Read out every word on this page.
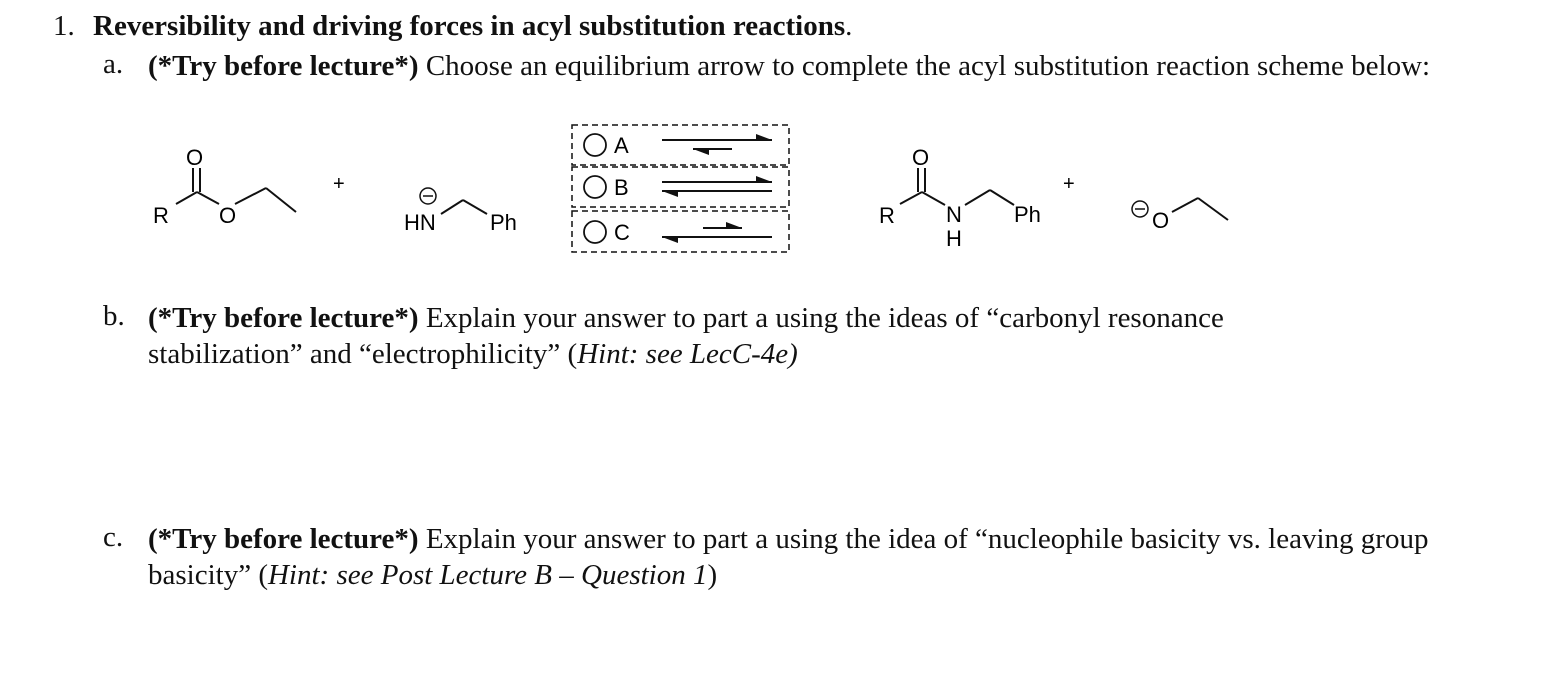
1. Reversibility and driving forces in acyl substitution reactions.
a. (*Try before lecture*) Choose an equilibrium arrow to complete the acyl substitution reaction scheme below:
R
O
O
+
HN Ph
A
B
C
R
O
N
H
Ph
+
O
b. (*Try before lecture*) Explain your answer to part a using the ideas of “carbonyl resonance stabilization” and “electrophilicity” (Hint: see LecC-4e)
c. (*Try before lecture*) Explain your answer to part a using the idea of “nucleophile basicity vs. leaving group basicity” (Hint: see Post Lecture B – Question 1)
